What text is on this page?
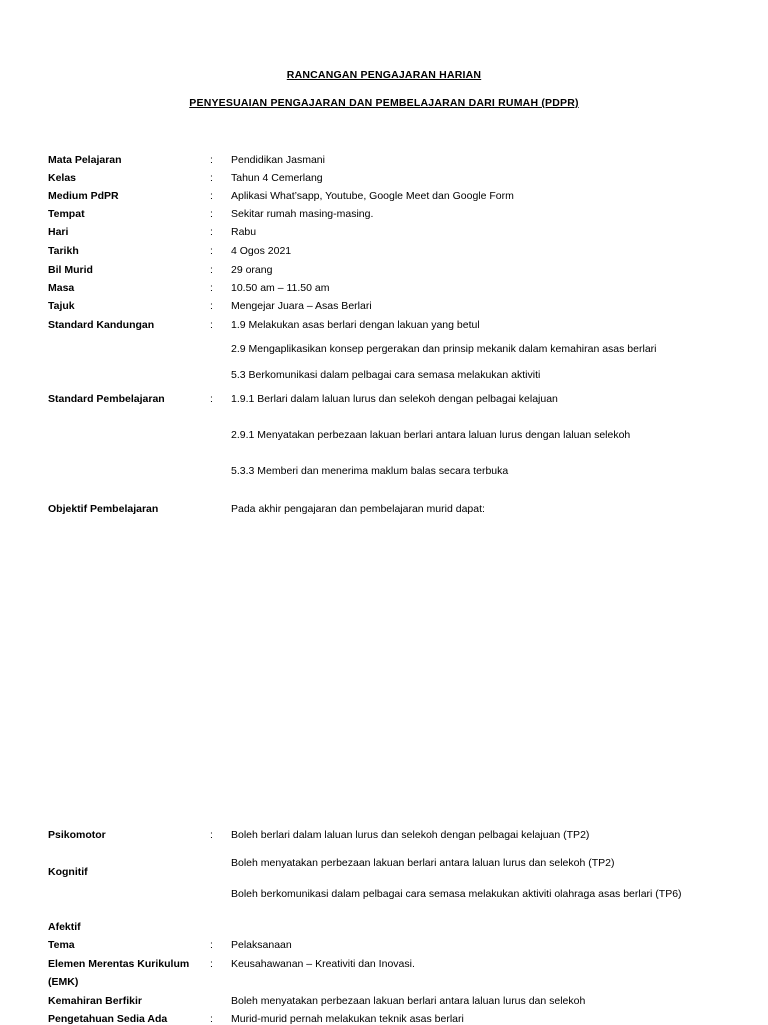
RANCANGAN PENGAJARAN HARIAN
PENYESUAIAN PENGAJARAN DAN PEMBELAJARAN DARI RUMAH (PDPR)
Mata Pelajaran	: Pendidikan Jasmani
Kelas	: Tahun 4 Cemerlang
Medium PdPR	: Aplikasi What’sapp, Youtube, Google Meet dan Google Form
Tempat	: Sekitar rumah masing-masing.
Hari	: Rabu
Tarikh	: 4 Ogos 2021
Bil Murid	: 29 orang
Masa	: 10.50 am – 11.50 am
Tajuk	: Mengejar Juara – Asas Berlari
Standard Kandungan	: 1.9 Melakukan asas berlari dengan lakuan yang betul
2.9 Mengaplikasikan konsep pergerakan dan prinsip mekanik dalam kemahiran asas berlari
5.3 Berkomunikasi dalam pelbagai cara semasa melakukan aktiviti
Standard Pembelajaran	: 1.9.1 Berlari dalam laluan lurus dan selekoh dengan pelbagai kelajuan
2.9.1 Menyatakan perbezaan lakuan berlari antara laluan lurus dengan laluan selekoh
5.3.3 Memberi dan menerima maklum balas secara terbuka
Objektif Pembelajaran	Pada akhir pengajaran dan pembelajaran murid dapat:
Psikomotor	: Boleh berlari dalam laluan lurus dan selekoh dengan pelbagai kelajuan (TP2)
Kognitif
Boleh menyatakan perbezaan lakuan berlari antara laluan lurus dan selekoh (TP2)
Boleh berkomunikasi dalam pelbagai cara semasa melakukan aktiviti olahraga asas berlari (TP6)
Afektif
Tema	: Pelaksanaan
Elemen Merentas Kurikulum
(EMK)
: Keusahawanan – Kreativiti dan Inovasi.
Kemahiran Berfikir	Boleh menyatakan perbezaan lakuan berlari antara laluan lurus dan selekoh
Pengetahuan Sedia Ada	: Murid-murid pernah melakukan teknik asas berlari
